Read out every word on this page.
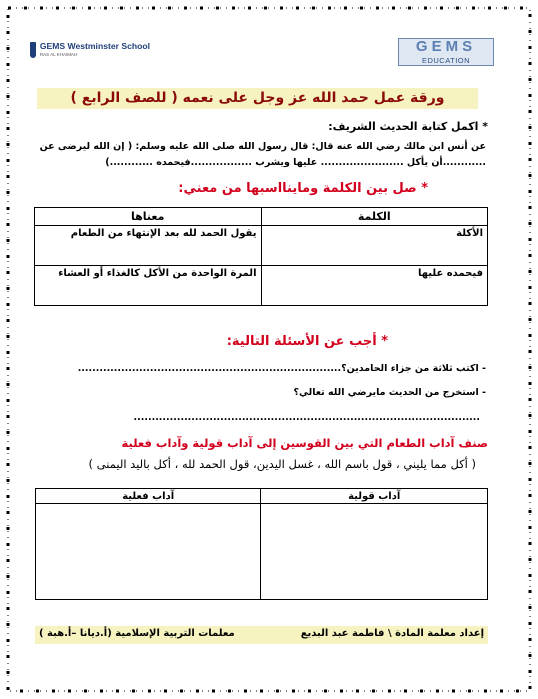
GEMS Westminster School
RAS AL KHAIMAH	GEMS
EDUCATION
ورقة عمل حمد الله عز وجل على نعمه ( للصف الرابع )
* اكمل كتابة الحديث الشريف:
عن أنس ابن مالك رضي الله عنه قال: قال رسول الله صلى الله عليه وسلم: ( إن الله ليرضى عن
............أن يأكل ....................... عليها ويشرب .................فيحمده ............)
* صل بين الكلمة وماينااسبها من معني:
الكلمة	معناها
الأكلة	يقول الحمد لله بعد الإنتهاء من الطعام
فيحمده عليها	المرة الواحدة من الأكل كالغذاء أو العشاء
* أجب عن الأسئلة التالية:
- اكتب ثلاثة من جزاء الحامدين؟.........................................................................
- استخرج من الحديث مايرضي الله تعالي؟
................................................................................................
صنف آداب الطعام التي بين القوسين إلى آداب قولية وآداب فعلية
( أكل مما يليني ، قول باسم الله ، غسل اليدين، قول الحمد لله ، أكل باليد اليمنى )
آداب قولية	آداب فعلية

إعداد معلمة المادة \ فاطمة عبد البديع
معلمات التربية الإسلامية (أ.ديانا –أ.هبة )
